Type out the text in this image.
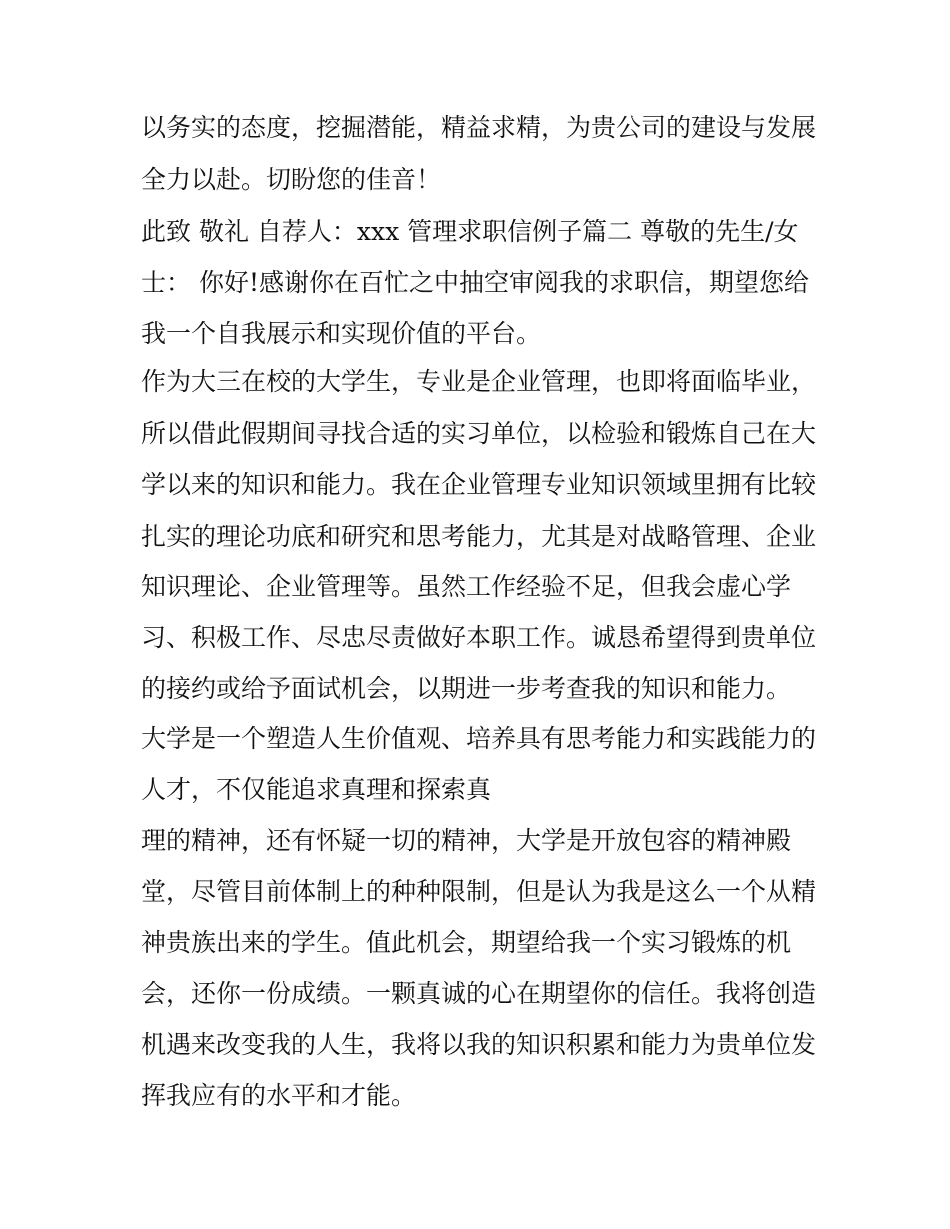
以务实的态度，挖掘潜能，精益求精，为贵公司的建设与发展
全力以赴。切盼您的佳音！
此致 敬礼 自荐人：xxx 管理求职信例子篇二 尊敬的先生/女
士： 你好!感谢你在百忙之中抽空审阅我的求职信，期望您给
我一个自我展示和实现价值的平台。
作为大三在校的大学生，专业是企业管理，也即将面临毕业，
所以借此假期间寻找合适的实习单位，以检验和锻炼自己在大
学以来的知识和能力。我在企业管理专业知识领域里拥有比较
扎实的理论功底和研究和思考能力，尤其是对战略管理、企业
知识理论、企业管理等。虽然工作经验不足，但我会虚心学
习、积极工作、尽忠尽责做好本职工作。诚恳希望得到贵单位
的接约或给予面试机会，以期进一步考查我的知识和能力。
大学是一个塑造人生价值观、培养具有思考能力和实践能力的
人才，不仅能追求真理和探索真
理的精神，还有怀疑一切的精神，大学是开放包容的精神殿
堂，尽管目前体制上的种种限制，但是认为我是这么一个从精
神贵族出来的学生。值此机会，期望给我一个实习锻炼的机
会，还你一份成绩。一颗真诚的心在期望你的信任。我将创造
机遇来改变我的人生，我将以我的知识积累和能力为贵单位发
挥我应有的水平和才能。
